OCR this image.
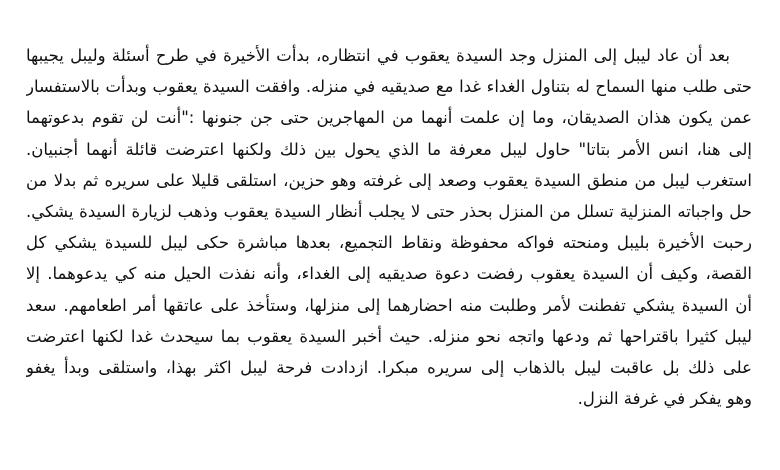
بعد أن عاد ليبل إلى المنزل وجد السيدة يعقوب في انتظاره، بدأت الأخيرة في طرح أسئلة وليبل يجيبها
حتى طلب منها السماح له بتناول الغداء غدا مع صديقيه في منزله. وافقت السيدة يعقوب وبدأت بالاستفسار
عمن يكون هذان الصديقان، وما إن علمت أنهما من المهاجرين حتى جن جنونها :"أنت لن تقوم بدعوتهما
إلى هنا، انس الأمر بتاتا" حاول ليبل معرفة ما الذي يحول بين ذلك ولكنها اعترضت قائلة أنهما أجنبيان.
استغرب ليبل من منطق السيدة يعقوب وصعد إلى غرفته وهو حزين، استلقى قليلا على سريره ثم بدلا من
حل واجباته المنزلية تسلل من المنزل بحذر حتى لا يجلب أنظار السيدة يعقوب وذهب لزيارة السيدة يشكي.
رحبت الأخيرة بليبل ومنحته فواكه محفوظة ونقاط التجميع، بعدها مباشرة حكى ليبل للسيدة يشكي كل
القصة، وكيف أن السيدة يعقوب رفضت دعوة صديقيه إلى الغداء، وأنه نفذت الحيل منه كي يدعوهما. إلا
أن السيدة يشكي تفطنت لأمر وطلبت منه احضارهما إلى منزلها، وستأخذ على عاتقها أمر اطعامهم. سعد
ليبل كثيرا باقتراحها ثم ودعها واتجه نحو منزله. حيث أخبر السيدة يعقوب بما سيحدث غدا لكنها اعترضت
على ذلك بل عاقبت ليبل بالذهاب إلى سريره مبكرا. ازدادت فرحة ليبل اكثر بهذا، واستلقى وبدأ يغفو
وهو يفكر في غرفة النزل.
